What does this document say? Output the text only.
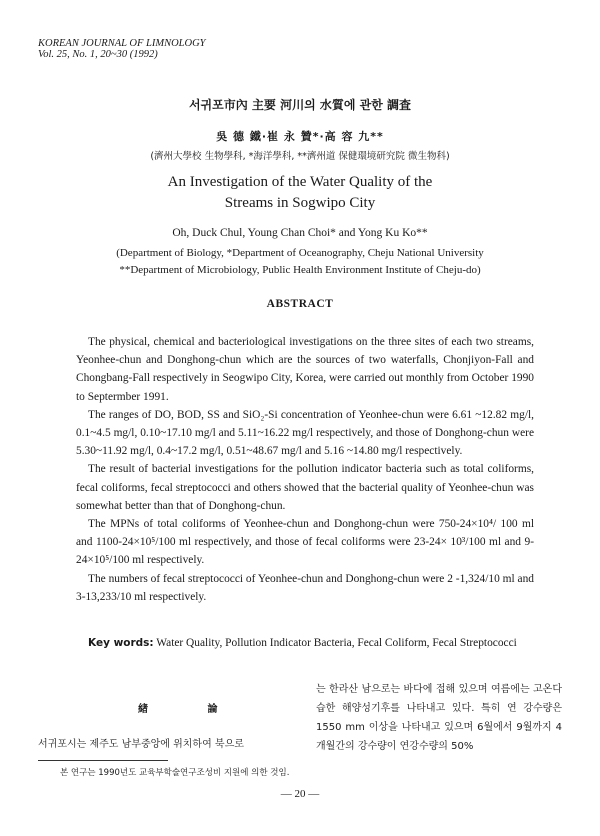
KOREAN JOURNAL OF LIMNOLOGY
Vol. 25, No. 1, 20~30 (1992)
서귀포市內 主要 河川의 水質에 관한 調査
吳 德 鐵·崔 永 贊*·高 容 九**
(濟州大學校 生物學科, *海洋學科, **濟州道 保健環境研究院 微生物科)
An Investigation of the Water Quality of the
Streams in Sogwipo City
Oh, Duck Chul, Young Chan Choi* and Yong Ku Ko**
(Department of Biology, *Department of Oceanography, Cheju National University
**Department of Microbiology, Public Health Environment Institute of Cheju-do)
ABSTRACT

The physical, chemical and bacteriological investigations on the three sites of each two streams, Yeonhee-chun and Donghong-chun which are the sources of two waterfalls, Chonjiyon-Fall and Chongbang-Fall respectively in Seogwipo City, Korea, were carried out monthly from October 1990 to Septermber 1991.

The ranges of DO, BOD, SS and SiO₂-Si concentration of Yeonhee-chun were 6.61 ~12.82 mg/l, 0.1~4.5 mg/l, 0.10~17.10 mg/l and 5.11~16.22 mg/l respectively, and those of Donghong-chun were 5.30~11.92 mg/l, 0.4~17.2 mg/l, 0.51~48.67 mg/l and 5.16 ~14.80 mg/l respectively.

The result of bacterial investigations for the pollution indicator bacteria such as total coliforms, fecal coliforms, fecal streptococci and others showed that the bacterial quality of Yeonhee-chun was somewhat better than that of Donghong-chun.

The MPNs of total coliforms of Yeonhee-chun and Donghong-chun were 750-24×10⁴/ 100 ml and 1100-24×10⁵/100 ml respectively, and those of fecal coliforms were 23-24× 10³/100 ml and 9-24×10⁵/100 ml respectively.

The numbers of fecal streptococci of Yeonhee-chun and Donghong-chun were 2 -1,324/10 ml and 3-13,233/10 ml respectively.

Key words: Water Quality, Pollution Indicator Bacteria, Fecal Coliform, Fecal Streptococci
緖 論
서귀포시는 제주도 남부중앙에 위치하여 북으로
는 한라산 남으로는 바다에 접해 있으며 여름에는 고온다습한 해양성기후를 나타내고 있다. 특히 연 강수량은 1550 mm 이상을 나타내고 있으며 6월에서 9월까지 4개월간의 강수량이 연강수량의 50%
본 연구는 1990년도 교육부학술연구조성비 지원에 의한 것임.
— 20 —
